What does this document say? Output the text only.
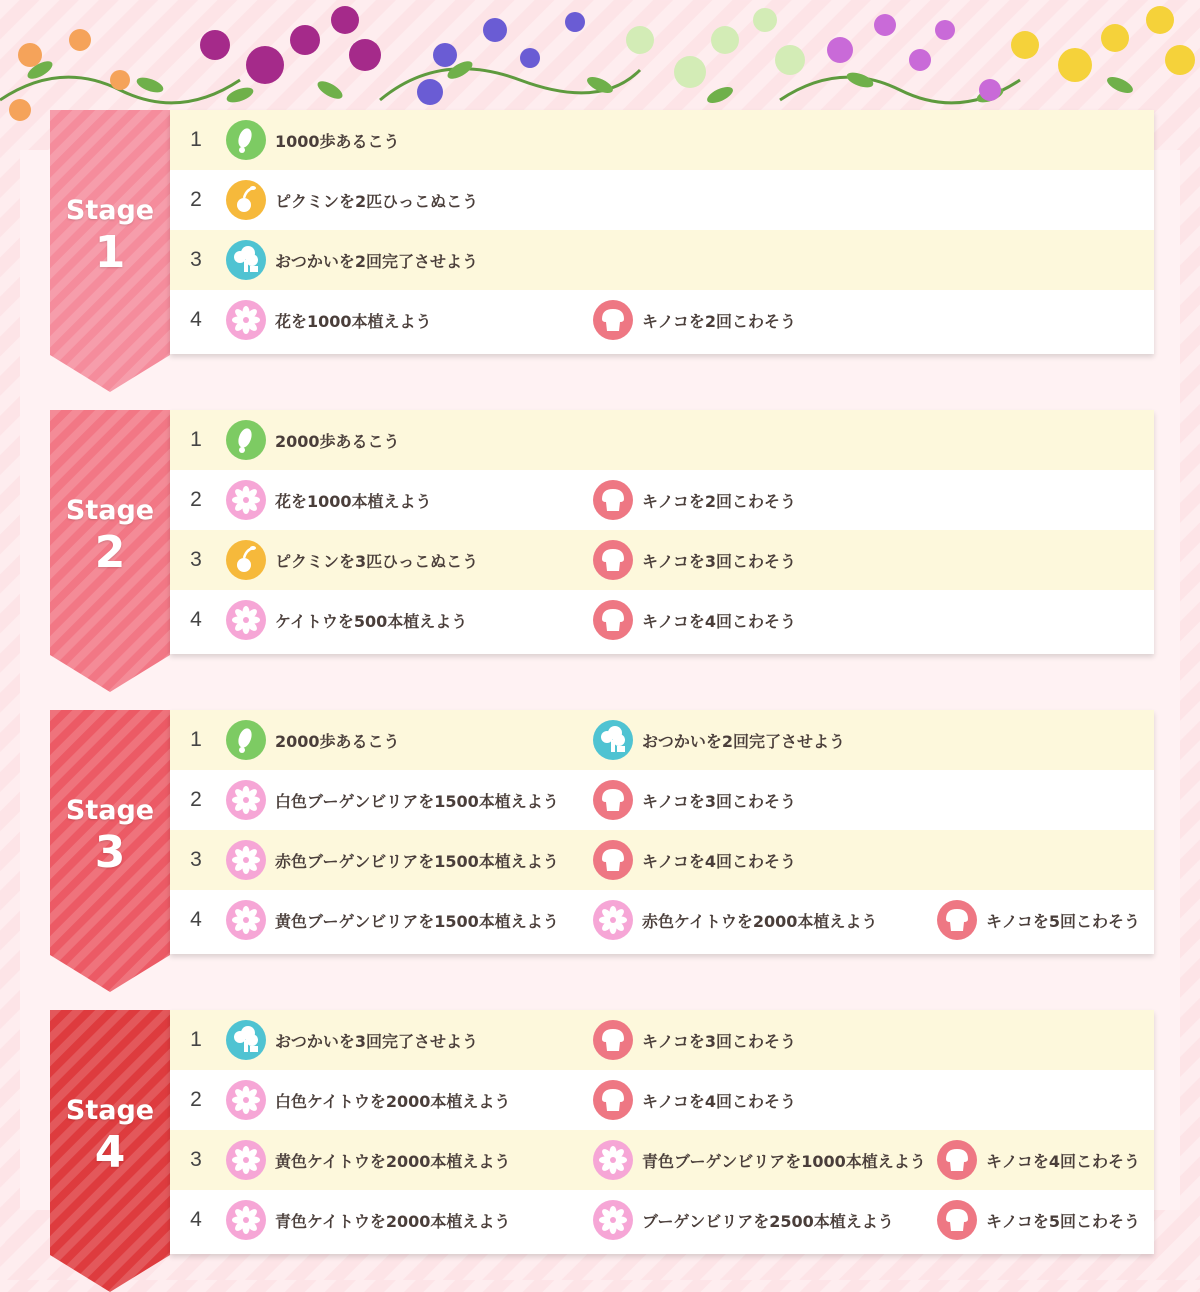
Stage
1
1	1000歩あるこう
2	ピクミンを2匹ひっこぬこう
3	おつかいを2回完了させよう
4	花を1000本植えよう	キノコを2回こわそう
Stage
2
1	2000歩あるこう
2	花を1000本植えよう	キノコを2回こわそう
3	ピクミンを3匹ひっこぬこう	キノコを3回こわそう
4	ケイトウを500本植えよう	キノコを4回こわそう
Stage
3
1	2000歩あるこう	おつかいを2回完了させよう
2	白色ブーゲンビリアを1500本植えよう	キノコを3回こわそう
3	赤色ブーゲンビリアを1500本植えよう	キノコを4回こわそう
4	黄色ブーゲンビリアを1500本植えよう	赤色ケイトウを2000本植えよう	キノコを5回こわそう
Stage
4
1	おつかいを3回完了させよう	キノコを3回こわそう
2	白色ケイトウを2000本植えよう	キノコを4回こわそう
3	黄色ケイトウを2000本植えよう	青色ブーゲンビリアを1000本植えよう	キノコを4回こわそう
4	青色ケイトウを2000本植えよう	ブーゲンビリアを2500本植えよう	キノコを5回こわそう
